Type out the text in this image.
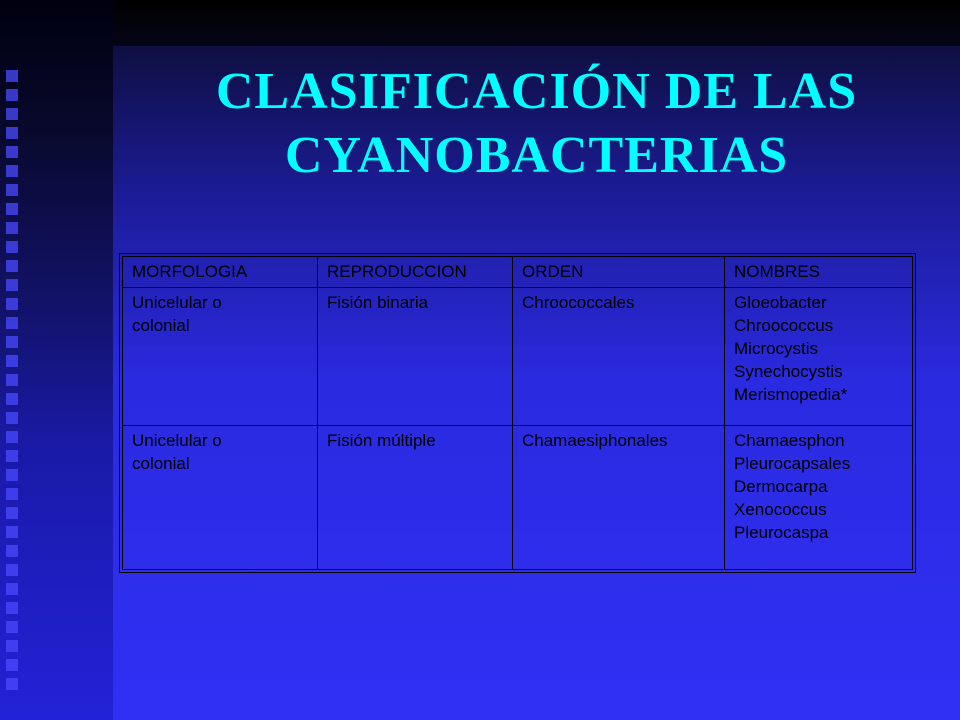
CLASIFICACIÓN DE LAS
CYANOBACTERIAS
MORFOLOGIA	REPRODUCCION	ORDEN	NOMBRES

Unicelular o
colonial	Fisión binaria	Chroococcales	Gloeobacter
Chroococcus
Microcystis
Synechocystis
Merismopedia*

Unicelular o
colonial	Fisión múltiple	Chamaesiphonales	Chamaesphon
Pleurocapsales
Dermocarpa
Xenococcus
Pleurocaspa
